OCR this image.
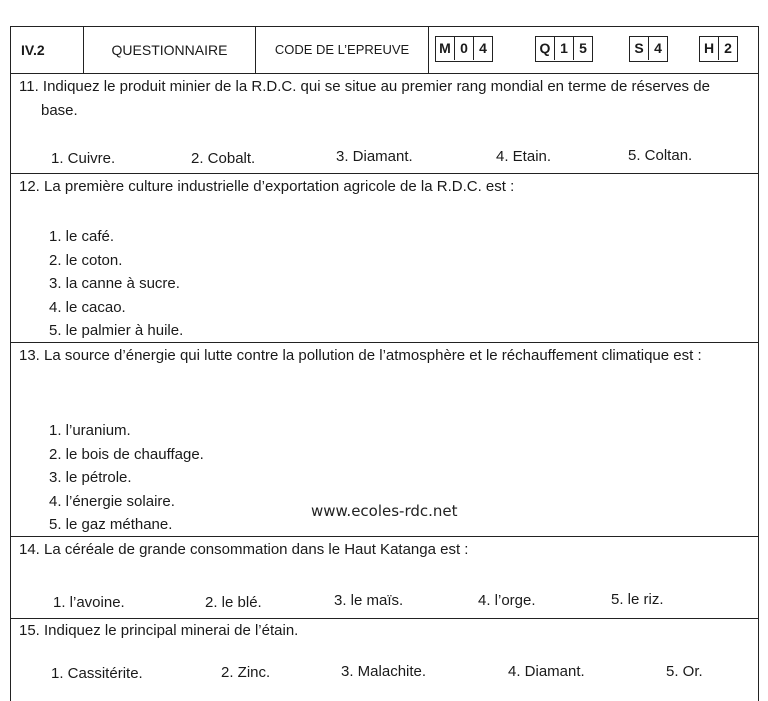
IV.2	QUESTIONNAIRE	CODE DE L’EPREUVE	M 0 4	Q 1 5	S 4	H 2
11. Indiquez le produit minier de la R.D.C. qui se situe au premier rang mondial en terme de réserves de base.
1. Cuivre.	2. Cobalt.	3. Diamant.	4. Etain.	5. Coltan.
12. La première culture industrielle d’exportation agricole de la R.D.C. est :
1. le café.
2. le coton.
3. la canne à sucre.
4. le cacao.
5. le palmier à huile.
13. La source d’énergie qui lutte contre la pollution de l’atmosphère et le réchauffement climatique est :
1. l’uranium.
2. le bois de chauffage.
3. le pétrole.
4. l’énergie solaire.
5. le gaz méthane.
14. La céréale de grande consommation dans le Haut Katanga est :
1. l’avoine.	2. le blé.	3. le maïs.	4. l’orge.	5. le riz.
15. Indiquez le principal minerai de l’étain.
1. Cassitérite.	2. Zinc.	3. Malachite.	4. Diamant.	5. Or.
www.ecoles-rdc.net
